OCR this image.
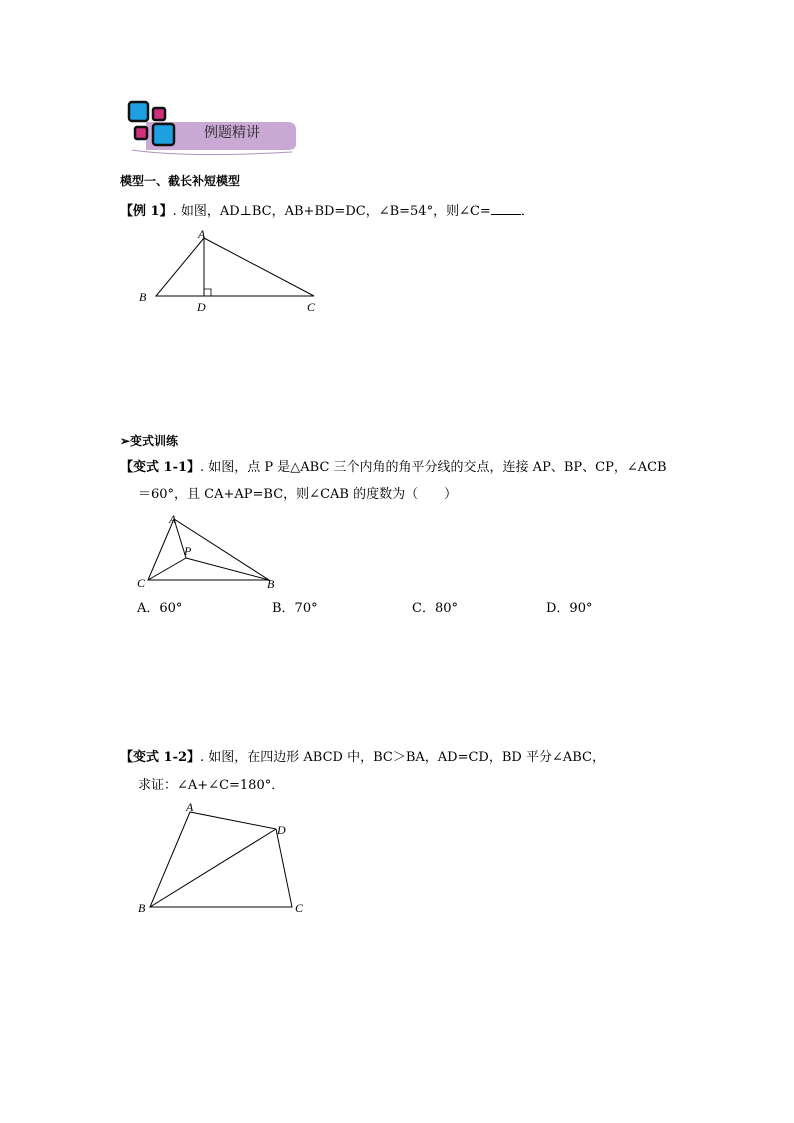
例题精讲
模型一、截长补短模型
【例 1】. 如图，AD⊥BC，AB+BD=DC，∠B=54°，则∠C= ．
A
B
D	C
➢变式训练
【变式 1-1】. 如图，点 P 是△ABC 三个内角的角平分线的交点，连接 AP、BP、CP，∠ACB
＝60°，且 CA+AP=BC，则∠CAB 的度数为（　　）
A
P
C	B
A．60°	B．70°	C．80°	D．90°
【变式 1-2】. 如图，在四边形 ABCD 中，BC＞BA，AD=CD，BD 平分∠ABC，
求证：∠A+∠C=180°．
A
D
B	C
